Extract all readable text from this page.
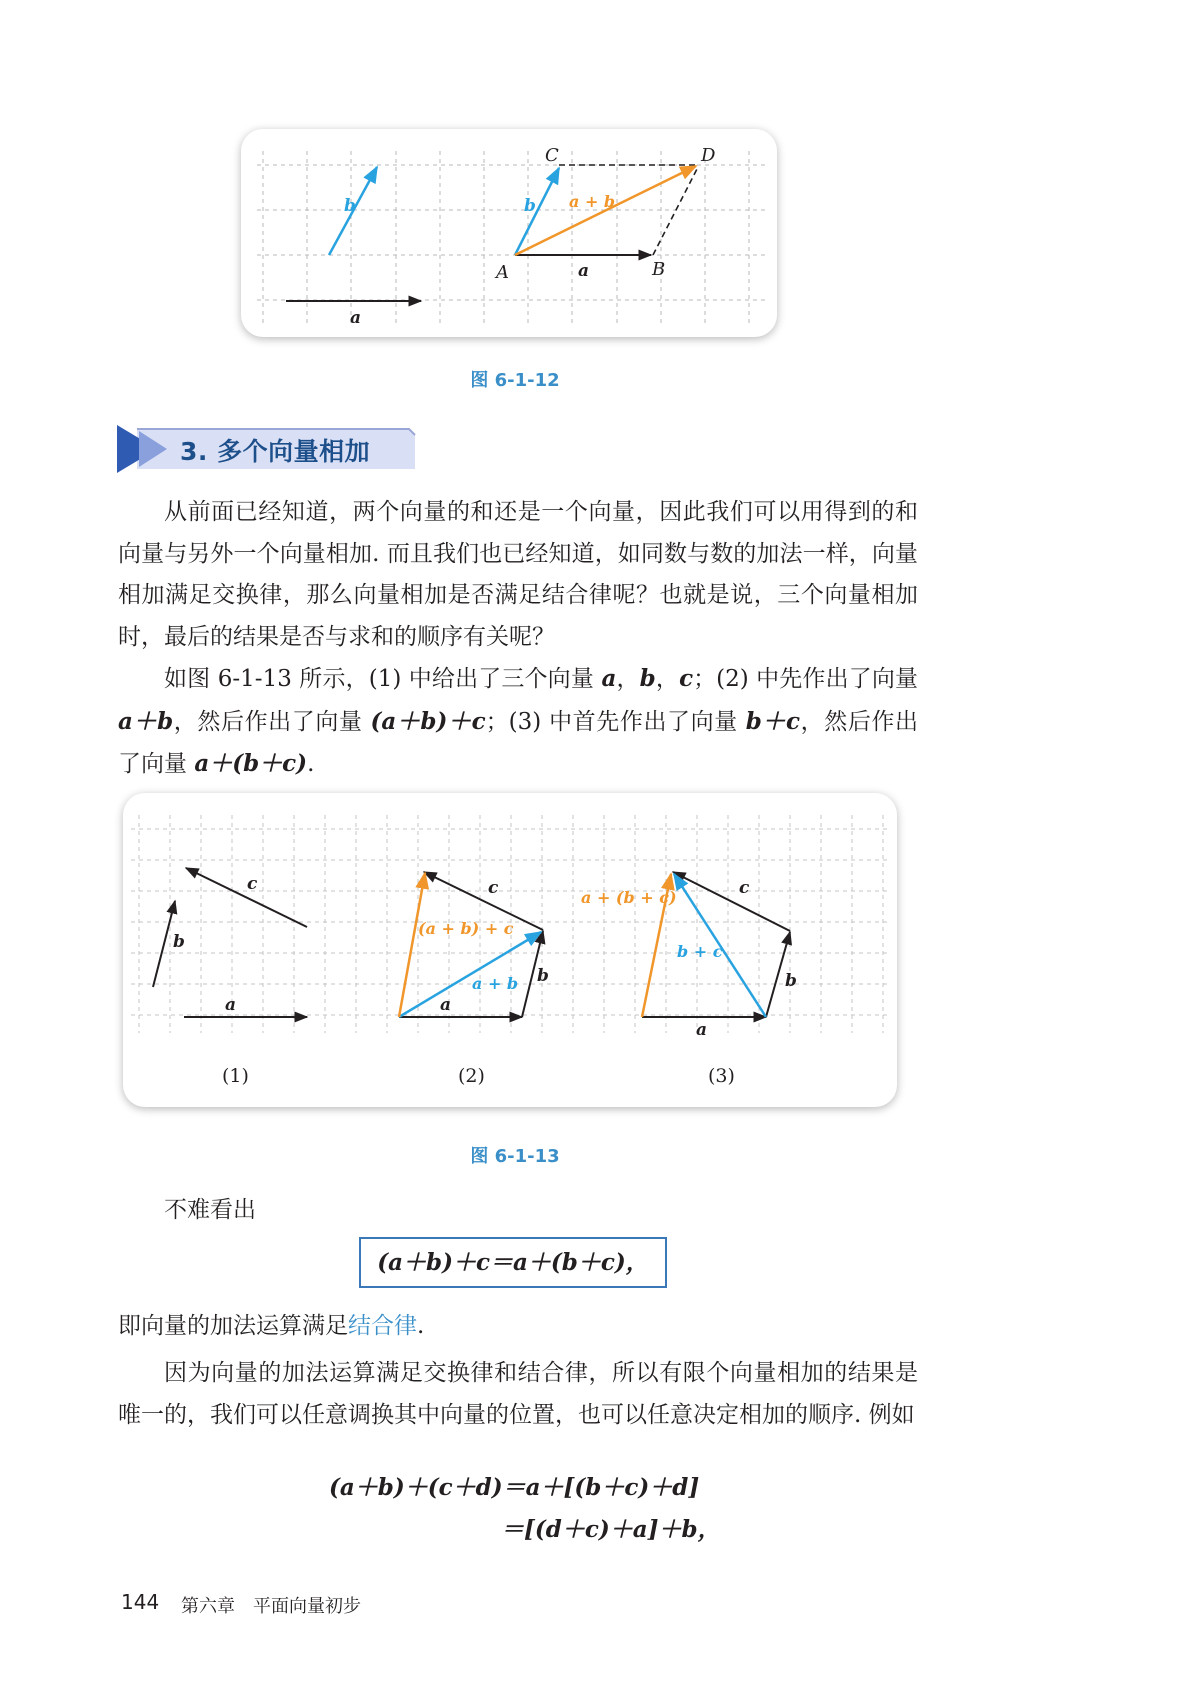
b
a
C	D
A	B
b
a
a + b
图 6-1-12
3. 多个向量相加
从前面已经知道，两个向量的和还是一个向量，因此我们可以用得到的和向量与另外一个向量相加. 而且我们也已经知道，如同数与数的加法一样，向量相加满足交换律，那么向量相加是否满足结合律呢？也就是说，三个向量相加时，最后的结果是否与求和的顺序有关呢？
如图 6-1-13 所示，(1) 中给出了三个向量 a，b，c；(2) 中先作出了向量 a＋b，然后作出了向量 (a＋b)＋c；(3) 中首先作出了向量 b＋c，然后作出了向量 a＋(b＋c).
a
b
c
a
b
c
a + b
(a + b) + c
a
b
c
b + c
a + (b + c)
(1)	(2)	(3)
图 6-1-13
不难看出
(a＋b)＋c＝a＋(b＋c)，
即向量的加法运算满足结合律.
因为向量的加法运算满足交换律和结合律，所以有限个向量相加的结果是唯一的，我们可以任意调换其中向量的位置，也可以任意决定相加的顺序. 例如
(a＋b)＋(c＋d)＝a＋[(b＋c)＋d]
＝[(d＋c)＋a]＋b，
144 第六章　平面向量初步
